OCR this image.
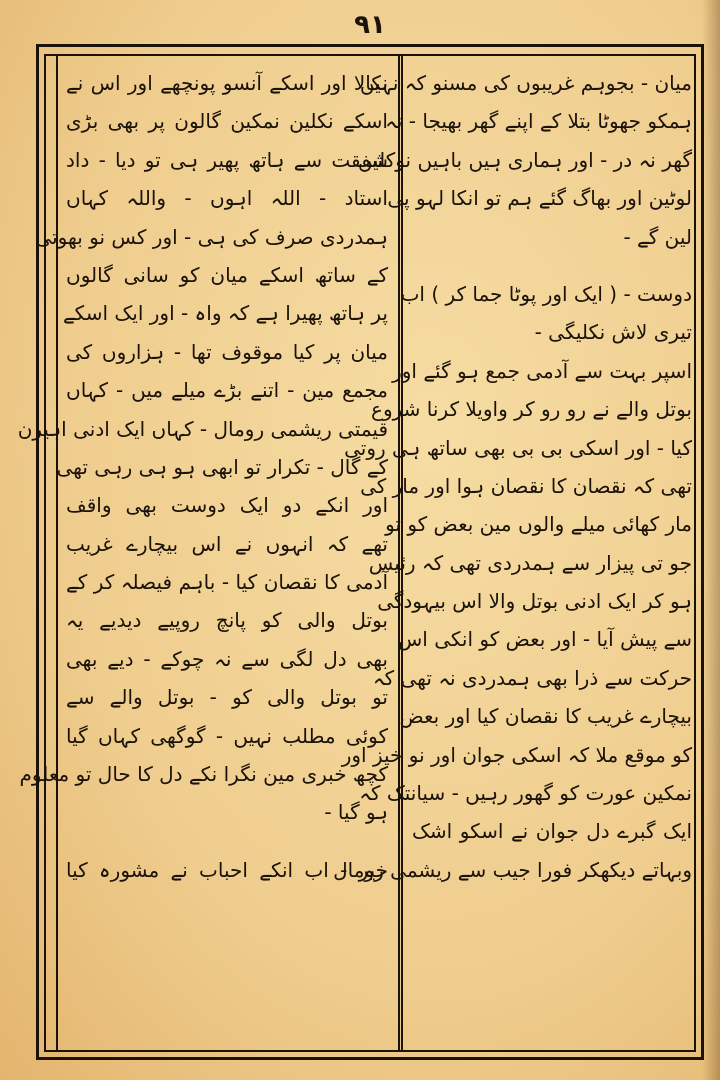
۹۱
میان - بجوہم غریبوں کی مسنو کہ نہیں
ہمکو جھوٹا بتلا کے اپنے گھر بھیجا - نہ
گھر نہ در - اور ہماری ہیں باہیں نوکلیں
لوٹین اور بھاگ گئے ہم تو انکا لہو پی
لین گے -
دوست - ( ایک اور پوٹا جما کر ) اب
تیری لاش نکلیگی -
اسپر بہت سے آدمی جمع ہو گئے اور
بوتل والے نے رو رو کر واویلا کرنا شروع
کیا - اور اسکی بی بی بھی ساتھ ہی روتی
تھی کہ نقصان کا نقصان ہوا اور مار کی
مار کھائی میلے والوں مین بعض کو تو
جو تی پیزار سے ہمدردی تھی کہ رئیس
ہو کر ایک ادنی بوتل والا اس بیہودگی
سے پیش آیا - اور بعض کو انکی اس
حرکت سے ذرا بھی ہمدردی نہ تھی کہ
بیچارے غریب کا نقصان کیا اور بعض
کو موقع ملا کہ اسکی جوان اور نو خیز اور
نمکین عورت کو گھور رہیں - سیانتک کہ
ایک گبرے دل جوان نے اسکو اشک
وبہاتے دیکھکر فورا جیب سے ریشمی رومال
نکالا اور اسکے آنسو پونچھے اور اس نے
اسکے نکلین نمکین گالون پر بھی بڑی
شفقت سے ہاتھ پھیر ہی تو دیا - داد
استاد - اللہ اہوں - واللہ کہاں
ہمدردی صرف کی ہی - اور کس نو بھوتی
کے ساتھ اسکے میان کو سانی گالوں
پر ہاتھ پھیرا ہے کہ واہ - اور ایک اسکے
میان پر کیا موقوف تھا - ہزاروں کی
مجمع مین - اتنے بڑے میلے میں - کہاں
قیمتی ریشمی رومال - کہاں ایک ادنی اہیرن
کے گال - تکرار تو ابھی ہو ہی رہی تھی
اور انکے دو ایک دوست بھی واقف
تھے کہ انہوں نے اس بیچارے غریب
آدمی کا نقصان کیا - باہم فیصلہ کر کے
بوتل والی کو پانچ روپیے دیدیے یہ
بھی دل لگی سے نہ چوکے - دیے بھی
تو بوتل والی کو - بوتل والے سے
کوئی مطلب نہیں - گوگھی کہاں گیا
کچھ خبری مین نگرا نکے دل کا حال تو معلوم
ہو گیا -
خیر - اب انکے احباب نے مشورہ کیا
